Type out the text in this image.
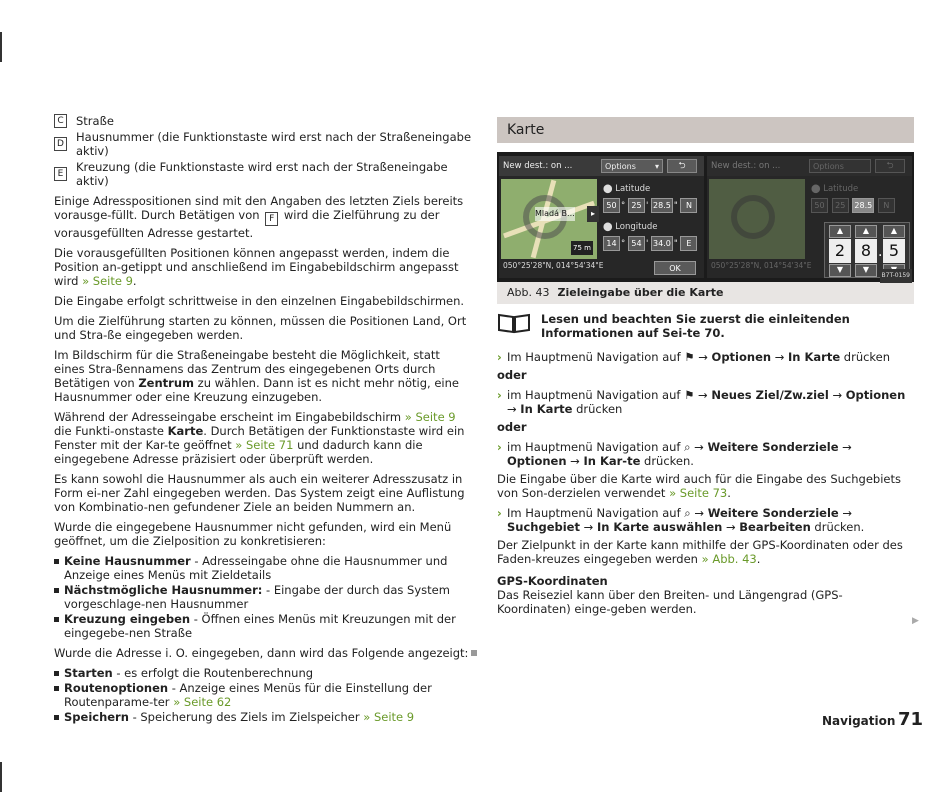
C Straße
D Hausnummer (die Funktionstaste wird erst nach der Straßeneingabe aktiv)
E	Kreuzung (die Funktionstaste wird erst nach der Straßeneingabe aktiv)

Einige Adresspositionen sind mit den Angaben des letzten Ziels bereits vorausge-füllt. Durch Betätigen von F wird die Zielführung zu der vorausgefüllten Adresse gestartet.

Die vorausgefüllten Positionen können angepasst werden, indem die Position an-getippt und anschließend im Eingabebildschirm angepasst wird » Seite 9.

Die Eingabe erfolgt schrittweise in den einzelnen Eingabebildschirmen.

Um die Zielführung starten zu können, müssen die Positionen Land, Ort und Stra-ße eingegeben werden.

Im Bildschirm für die Straßeneingabe besteht die Möglichkeit, statt eines Stra-ßennamens das Zentrum des eingegebenen Orts durch Betätigen von Zentrum zu wählen. Dann ist es nicht mehr nötig, eine Hausnummer oder eine Kreuzung einzugeben.

Während der Adresseingabe erscheint im Eingabebildschirm » Seite 9 die Funkti-onstaste Karte. Durch Betätigen der Funktionstaste wird ein Fenster mit der Kar-te geöffnet » Seite 71 und dadurch kann die eingegebene Adresse präzisiert oder überprüft werden.

Es kann sowohl die Hausnummer als auch ein weiterer Adresszusatz in Form ei-ner Zahl eingegeben werden. Das System zeigt eine Auflistung von Kombinatio-nen gefundener Ziele an beiden Nummern an.

Wurde die eingegebene Hausnummer nicht gefunden, wird ein Menü geöffnet, um die Zielposition zu konkretisieren:

Keine Hausnummer - Adresseingabe ohne die Hausnummer und Anzeige eines Menüs mit Zieldetails
Nächstmögliche Hausnummer: - Eingabe der durch das System vorgeschlage-nen Hausnummer
Kreuzung eingeben - Öffnen eines Menüs mit Kreuzungen mit der eingegebe-nen Straße

Wurde die Adresse i. O. eingegeben, dann wird das Folgende angezeigt:

Starten - es erfolgt die Routenberechnung
Routenoptionen - Anzeige eines Menüs für die Einstellung der Routenparame-ter » Seite 62
Speichern - Speicherung des Ziels im Zielspeicher » Seite 9
Karte
New dest.: on ...	Options ▾	⮌
Mladá B...
75 m
▸
⬤ Latitude
50 ° 25 ' 28.5 " N
⬤ Longitude
14 ° 54 ' 34.0 " E
050°25'28"N, 014°54'34"E	OK
New dest.: on ...	Options	⮌
⬤ Latitude
50 25 28.5 N
050°25'28"N, 014°54'34"E
▲
2
▼
▲
8
▼
.
▲
5
B7T-0159
Abb. 43 Zieleingabe über die Karte
Lesen und beachten Sie zuerst die einleitenden Informationen auf Sei-te 70.
› Im Hauptmenü Navigation auf ⚑ → Optionen → In Karte drücken
oder
› im Hauptmenü Navigation auf ⚑ → Neues Ziel/Zw.ziel → Optionen → In Karte drücken
oder
› im Hauptmenü Navigation auf ⌕ → Weitere Sonderziele → Optionen → In Kar-te drücken.

Die Eingabe über die Karte wird auch für die Eingabe des Suchgebiets von Son-derzielen verwendet » Seite 73.

› Im Hauptmenü Navigation auf ⌕ → Weitere Sonderziele → Suchgebiet → In Karte auswählen → Bearbeiten drücken.

Der Zielpunkt in der Karte kann mithilfe der GPS-Koordinaten oder des Faden-kreuzes eingegeben werden » Abb. 43.

GPS-Koordinaten

Das Reiseziel kann über den Breiten- und Längengrad (GPS-Koordinaten) einge-geben werden.

▶
Navigation 71
